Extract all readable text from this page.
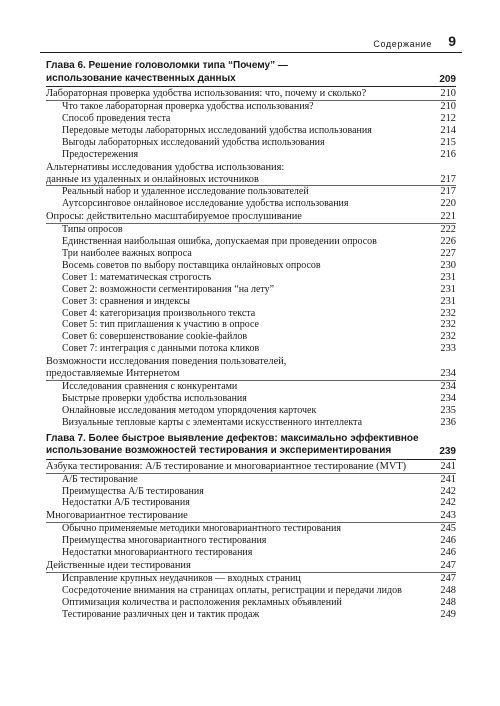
Содержание 9
Глава 6. Решение головоломки типа “Почему” —
использование качественных данных	209
Лабораторная проверка удобства использования: что, почему и сколько?	210
Что такое лабораторная проверка удобства использования?	210
Способ проведения теста	212
Передовые методы лабораторных исследований удобства использования	214
Выгоды лабораторных исследований удобства использования	215
Предостережения	216
Альтернативы исследования удобства использования:
данные из удаленных и онлайновых источников	217
Реальный набор и удаленное исследование пользователей	217
Аутсорсинговое онлайновое исследование удобства использования	220
Опросы: действительно масштабируемое прослушивание	221
Типы опросов	222
Единственная наибольшая ошибка, допускаемая при проведении опросов	226
Три наиболее важных вопроса	227
Восемь советов по выбору поставщика онлайновых опросов	230
Совет 1: математическая строгость	231
Совет 2: возможности сегментирования “на лету”	231
Совет 3: сравнения и индексы	231
Совет 4: категоризация произвольного текста	232
Совет 5: тип приглашения к участию в опросе	232
Совет 6: совершенствование cookie-файлов	232
Совет 7: интеграция с данными потока кликов	233
Возможности исследования поведения пользователей,
предоставляемые Интернетом	234
Исследования сравнения с конкурентами	234
Быстрые проверки удобства использования	234
Онлайновые исследования методом упорядочения карточек	235
Визуальные тепловые карты с элементами искусственного интеллекта	236
Глава 7. Более быстрое выявление дефектов: максимально эффективное
использование возможностей тестирования и экспериментирования	239
Азбука тестирования: А/Б тестирование и многовариантное тестирование (MVT)	241
А/Б тестирование	241
Преимущества А/Б тестирования	242
Недостатки А/Б тестирования	242
Многовариантное тестирование	243
Обычно применяемые методики многовариантного тестирования	245
Преимущества многовариантного тестирования	246
Недостатки многовариантного тестирования	246
Действенные идеи тестирования	247
Исправление крупных неудачников — входных страниц	247
Сосредоточение внимания на страницах оплаты, регистрации и передачи лидов	248
Оптимизация количества и расположения рекламных объявлений	248
Тестирование различных цен и тактик продаж	249
